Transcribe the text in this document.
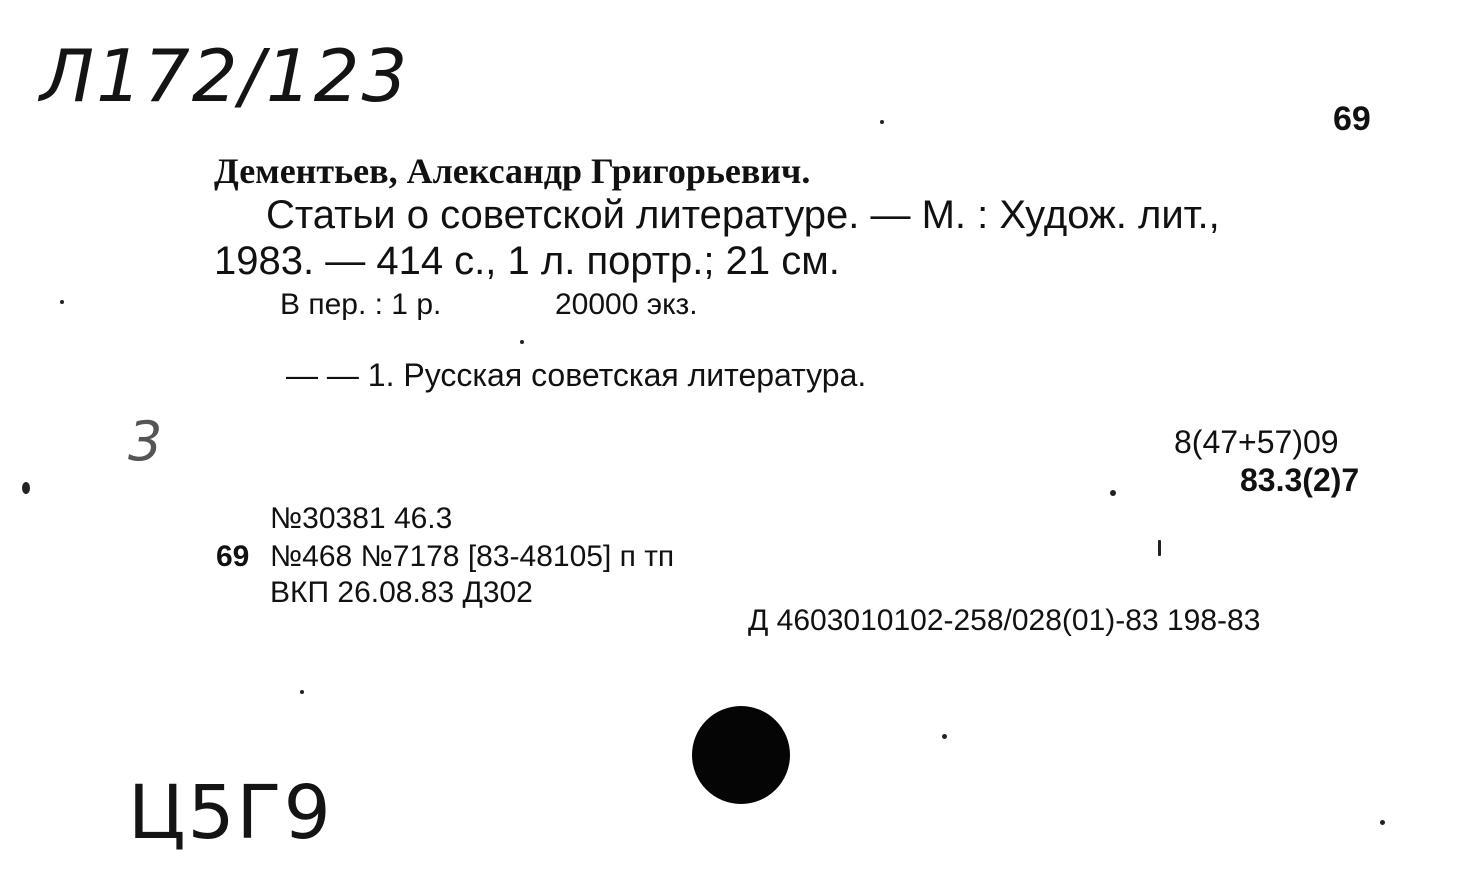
Л172/123
Ц5Г9
3
69
Дементьев, Александр Григорьевич.
Статьи о советской литературе. — М. : Худож. лит.,
1983. — 414 с., 1 л. портр.; 21 см.
В пер. : 1 р.	20000 экз.
— — 1. Русская советская литература.
8(47+57)09
83.3(2)7
№30381 46.3
69 №468 №7178 [83-48105] п тп
ВКП 26.08.83 Д302
Д 4603010102-258/028(01)-83 198-83
